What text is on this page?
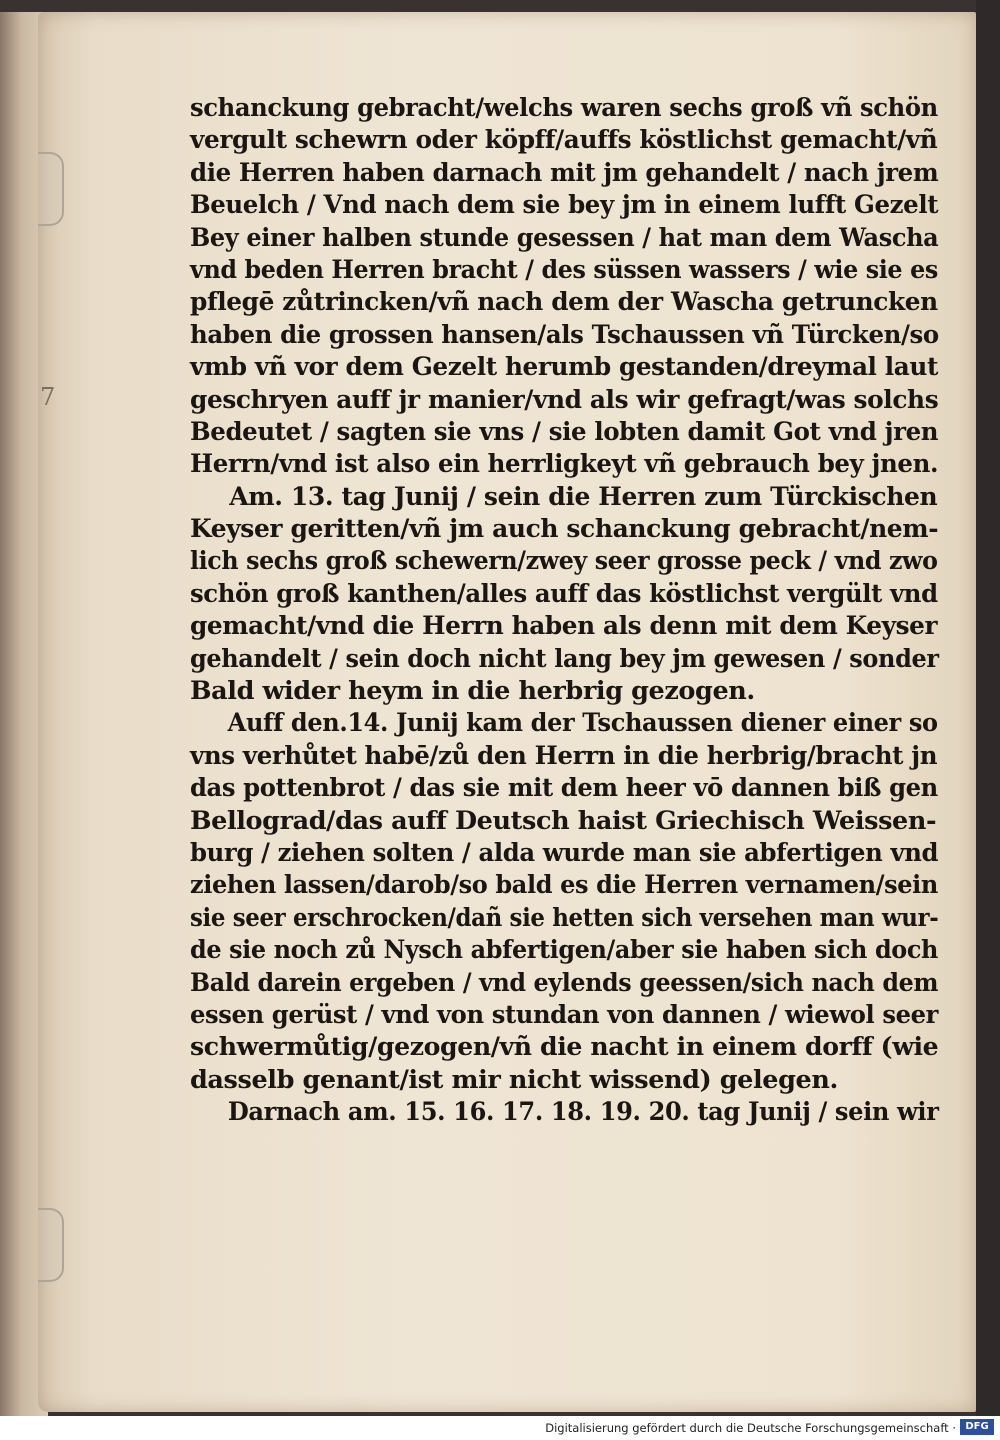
7
schanckung gebracht/welchs waren sechs groß vñ schön
vergult schewrn oder köpff/auffs köstlichst gemacht/vñ
die Herren haben darnach mit jm gehandelt / nach jrem
Beuelch / Vnd nach dem sie bey jm in einem lufft Gezelt
Bey einer halben stunde gesessen / hat man dem Wascha
vnd beden Herren bracht / des süssen wassers / wie sie es
pflegē zůtrincken/vñ nach dem der Wascha getruncken
haben die grossen hansen/als Tschaussen vñ Türcken/so
vmb vñ vor dem Gezelt herumb gestanden/dreymal laut
geschryen auff jr manier/vnd als wir gefragt/was solchs
Bedeutet / sagten sie vns / sie lobten damit Got vnd jren
Herrn/vnd ist also ein herrligkeyt vñ gebrauch bey jnen.
Am. 13. tag Junij / sein die Herren zum Türckischen
Keyser geritten/vñ jm auch schanckung gebracht/nem-
lich sechs groß schewern/zwey seer grosse peck / vnd zwo
schön groß kanthen/alles auff das köstlichst vergült vnd
gemacht/vnd die Herrn haben als denn mit dem Keyser
gehandelt / sein doch nicht lang bey jm gewesen / sonder
Bald wider heym in die herbrig gezogen.
Auff den.14. Junij kam der Tschaussen diener einer so
vns verhůtet habē/zů den Herrn in die herbrig/bracht jn
das pottenbrot / das sie mit dem heer vō dannen biß gen
Bellograd/das auff Deutsch haist Griechisch Weissen-
burg / ziehen solten / alda wurde man sie abfertigen vnd
ziehen lassen/darob/so bald es die Herren vernamen/sein
sie seer erschrocken/dañ sie hetten sich versehen man wur-
de sie noch zů Nysch abfertigen/aber sie haben sich doch
Bald darein ergeben / vnd eylends geessen/sich nach dem
essen gerüst / vnd von stundan von dannen / wiewol seer
schwermůtig/gezogen/vñ die nacht in einem dorff (wie
dasselb genant/ist mir nicht wissend) gelegen.
Darnach am. 15. 16. 17. 18. 19. 20. tag Junij / sein wir
Digitalisierung gefördert durch die Deutsche Forschungsgemeinschaft · DFG
